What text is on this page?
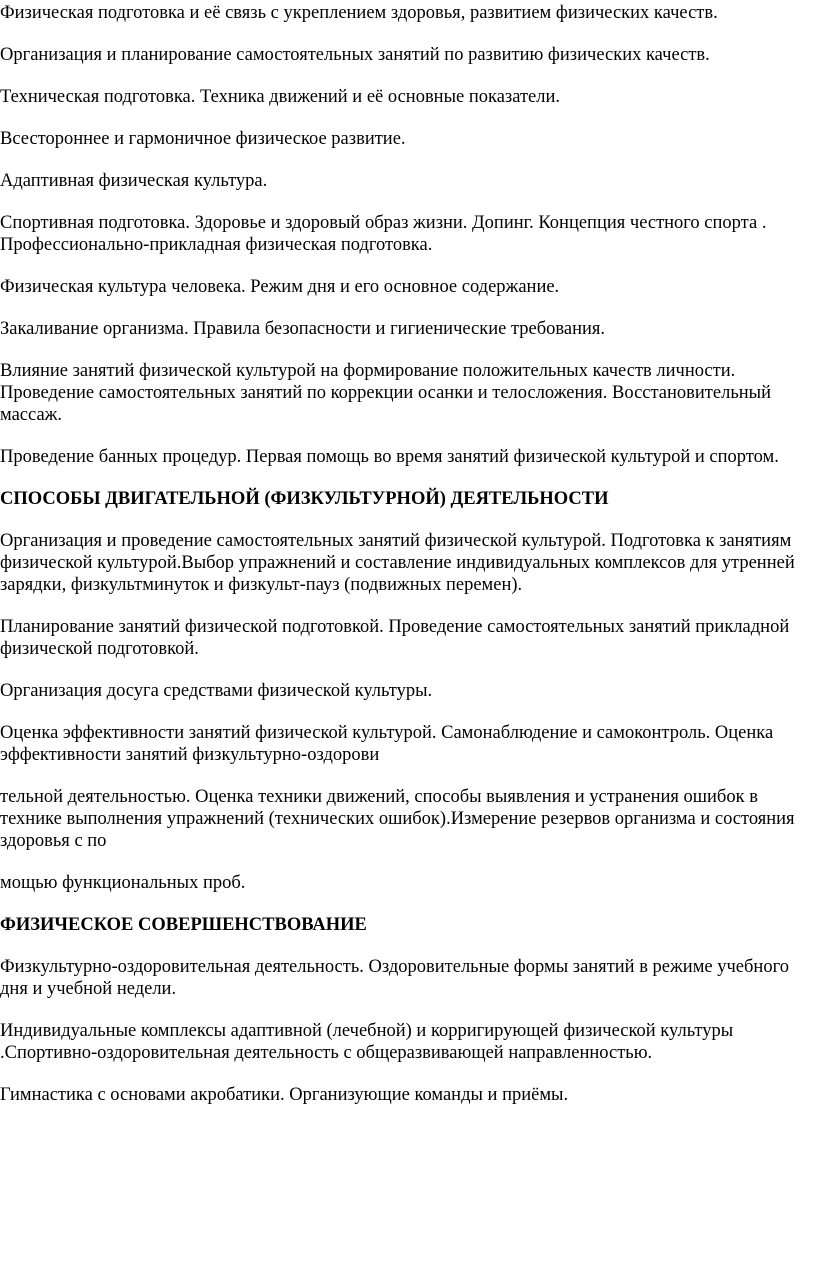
Физическая подготовка и её связь с укреплением здоровья, развитием физических качеств.

Организация и планирование самостоятельных занятий по развитию физических качеств.

Техническая подготовка. Техника движений и её основные показатели.

Всестороннее и гармоничное физическое развитие.

Адаптивная физическая культура.

Спортивная подготовка. Здоровье и здоровый образ жизни. Допинг. Концепция честного спорта . Профессионально-прикладная физическая подготовка.

Физическая культура человека. Режим дня и его основное содержание.

Закаливание организма. Правила безопасности и гигиенические требования.

Влияние занятий физической культурой на формирование положительных качеств личности. Проведение самостоятельных занятий по коррекции осанки и телосложения. Восстановительный массаж.

Проведение банных процедур. Первая помощь во время занятий физической культурой и спортом.

СПОСОБЫ ДВИГАТЕЛЬНОЙ (ФИЗКУЛЬТУРНОЙ) ДЕЯТЕЛЬНОСТИ

Организация и проведение самостоятельных занятий физической культурой. Подготовка к занятиям физической культурой.Выбор упражнений и составление индивидуальных комплексов для утренней зарядки, физкультминуток и физкульт-пауз (подвижных перемен).

Планирование занятий физической подготовкой. Проведение самостоятельных занятий прикладной физической подготовкой.

Организация досуга средствами физической культуры.

Оценка эффективности занятий физической культурой. Самонаблюдение и самоконтроль. Оценка эффективности занятий физкультурно-оздорови

тельной деятельностью. Оценка техники движений, способы выявления и устранения ошибок в технике выполнения упражнений (технических ошибок).Измерение резервов организма и состояния здоровья с по

мощью функциональных проб.

ФИЗИЧЕСКОЕ СОВЕРШЕНСТВОВАНИЕ

Физкультурно-оздоровительная деятельность. Оздоровительные формы занятий в режиме учебного дня и учебной недели.

Индивидуальные комплексы адаптивной (лечебной) и корригирующей физической культуры .Спортивно-оздоровительная деятельность с общеразвивающей направленностью.

Гимнастика с основами акробатики. Организующие команды и приёмы.
